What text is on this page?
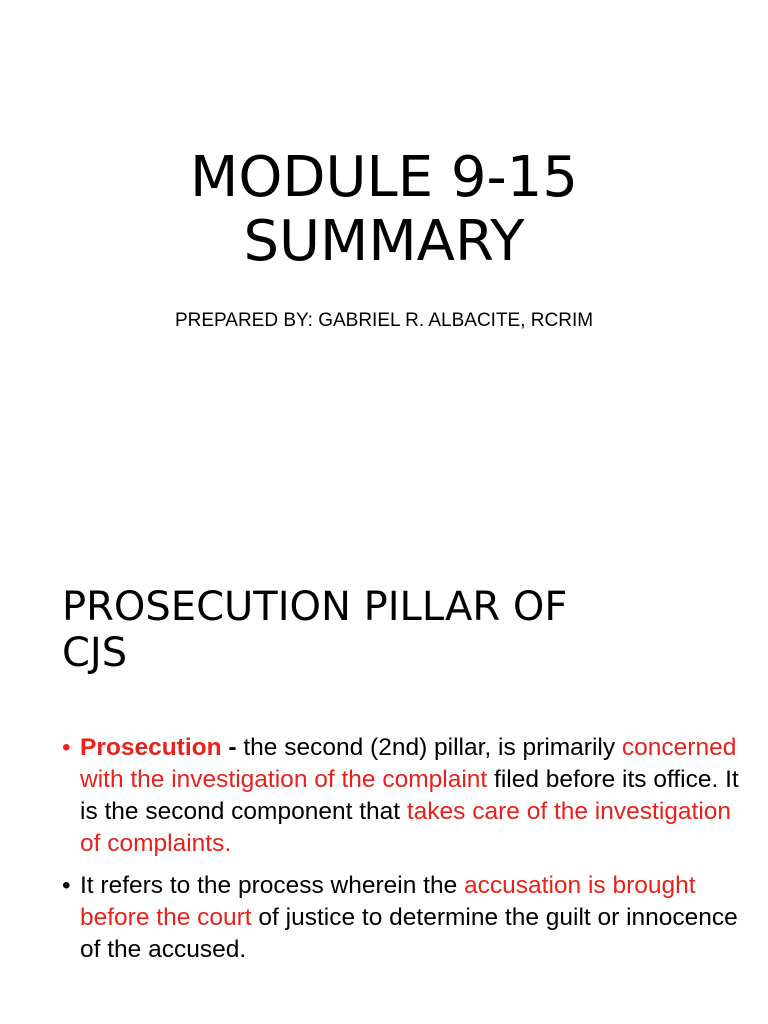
MODULE 9-15
SUMMARY
PREPARED BY: GABRIEL R. ALBACITE, RCRIM
PROSECUTION PILLAR OF
CJS
• Prosecution - the second (2nd) pillar, is primarily concerned with the investigation of the complaint filed before its office. It is the second component that takes care of the investigation of complaints.
• It refers to the process wherein the accusation is brought before the court of justice to determine the guilt or innocence of the accused.
